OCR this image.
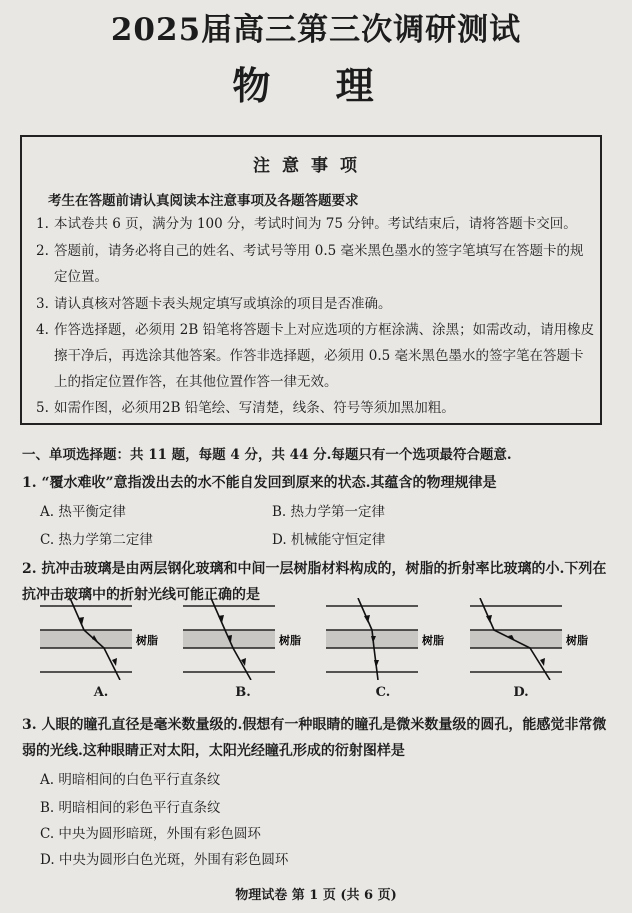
2025届高三第三次调研测试
物 理
注意事项
考生在答题前请认真阅读本注意事项及各题答题要求
1. 本试卷共 6 页，满分为 100 分，考试时间为 75 分钟。考试结束后，请将答题卡交回。
2. 答题前，请务必将自己的姓名、考试号等用 0.5 毫米黑色墨水的签字笔填写在答题卡的规定位置。
3. 请认真核对答题卡表头规定填写或填涂的项目是否准确。
4. 作答选择题，必须用 2B 铅笔将答题卡上对应选项的方框涂满、涂黑；如需改动，请用橡皮擦干净后，再选涂其他答案。作答非选择题，必须用 0.5 毫米黑色墨水的签字笔在答题卡上的指定位置作答，在其他位置作答一律无效。
5. 如需作图，必须用2B 铅笔绘、写清楚，线条、符号等须加黑加粗。
一、单项选择题：共 11 题，每题 4 分，共 44 分.每题只有一个选项最符合题意.
1. “覆水难收”意指泼出去的水不能自发回到原来的状态.其蕴含的物理规律是
A. 热平衡定律	B. 热力学第一定律
C. 热力学第二定律	D. 机械能守恒定律
2. 抗冲击玻璃是由两层钢化玻璃和中间一层树脂材料构成的，树脂的折射率比玻璃的小.下列在抗冲击玻璃中的折射光线可能正确的是
树脂	树脂	树脂	树脂
A.	B.	C.	D.
3. 人眼的瞳孔直径是毫米数量级的.假想有一种眼睛的瞳孔是微米数量级的圆孔，能感觉非常微弱的光线.这种眼睛正对太阳，太阳光经瞳孔形成的衍射图样是
A. 明暗相间的白色平行直条纹
B. 明暗相间的彩色平行直条纹
C. 中央为圆形暗斑，外围有彩色圆环
D. 中央为圆形白色光斑，外围有彩色圆环
物理试卷 第 1 页 (共 6 页)
